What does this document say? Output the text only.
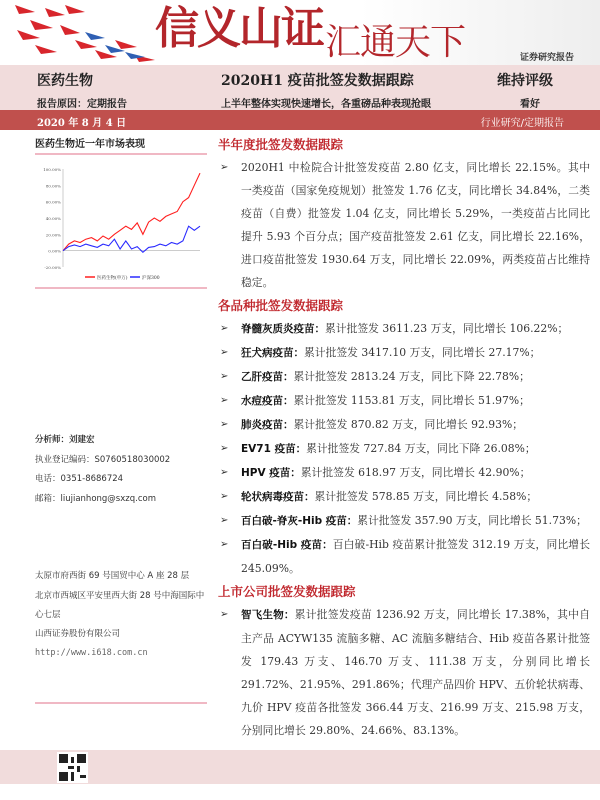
信义山证 汇通天下	证券研究报告
医药生物	2020H1 疫苗批签发数据跟踪	维持评级
报告原因：定期报告	上半年整体实现快速增长，各重磅品种表现抢眼	看好
2020 年 8 月 4 日	行业研究/定期报告
医药生物近一年市场表现
100.00%
80.00%
60.00%
40.00%
20.00%
0.00%
-20.00%
医药生物(申万)	沪深300
分析师：刘建宏
执业登记编码：S0760518030002
电话：0351-8686724
邮箱：liujianhong@sxzq.com
太原市府西街 69 号国贸中心 A 座 28 层
北京市西城区平安里西大街 28 号中海国际中心七层
山西证券股份有限公司
http://www.i618.com.cn
半年度批签发数据跟踪
➢ 2020H1 中检院合计批签发疫苗 2.80 亿支，同比增长 22.15%。其中一类疫苗（国家免疫规划）批签发 1.76 亿支，同比增长 34.84%，二类疫苗（自费）批签发 1.04 亿支，同比增长 5.29%，一类疫苗占比同比提升 5.93 个百分点；国产疫苗批签发 2.61 亿支，同比增长 22.16%，进口疫苗批签发 1930.64 万支，同比增长 22.09%，两类疫苗占比维持稳定。
各品种批签发数据跟踪
➢ 脊髓灰质炎疫苗：累计批签发 3611.23 万支，同比增长 106.22%；
➢ 狂犬病疫苗：累计批签发 3417.10 万支，同比增长 27.17%；
➢ 乙肝疫苗：累计批签发 2813.24 万支，同比下降 22.78%；
➢ 水痘疫苗：累计批签发 1153.81 万支，同比增长 51.97%；
➢ 肺炎疫苗：累计批签发 870.82 万支，同比增长 92.93%；
➢ EV71 疫苗：累计批签发 727.84 万支，同比下降 26.08%；
➢ HPV 疫苗：累计批签发 618.97 万支，同比增长 42.90%；
➢ 轮状病毒疫苗：累计批签发 578.85 万支，同比增长 4.58%；
➢ 百白破-脊灰-Hib 疫苗：累计批签发 357.90 万支，同比增长 51.73%；
➢ 百白破-Hib 疫苗：百白破-Hib 疫苗累计批签发 312.19 万支，同比增长 245.09%。
上市公司批签发数据跟踪
➢ 智飞生物：累计批签发疫苗 1236.92 万支，同比增长 17.38%，其中自主产品 ACYW135 流脑多糖、AC 流脑多糖结合、Hib 疫苗各累计批签发 179.43 万支、146.70 万支、111.38 万支，分别同比增长 291.72%、21.95%、291.86%；代理产品四价 HPV、五价轮状病毒、九价 HPV 疫苗各批签发 366.44 万支、216.99 万支、215.98 万支，分别同比增长 29.80%、24.66%、83.13%。
